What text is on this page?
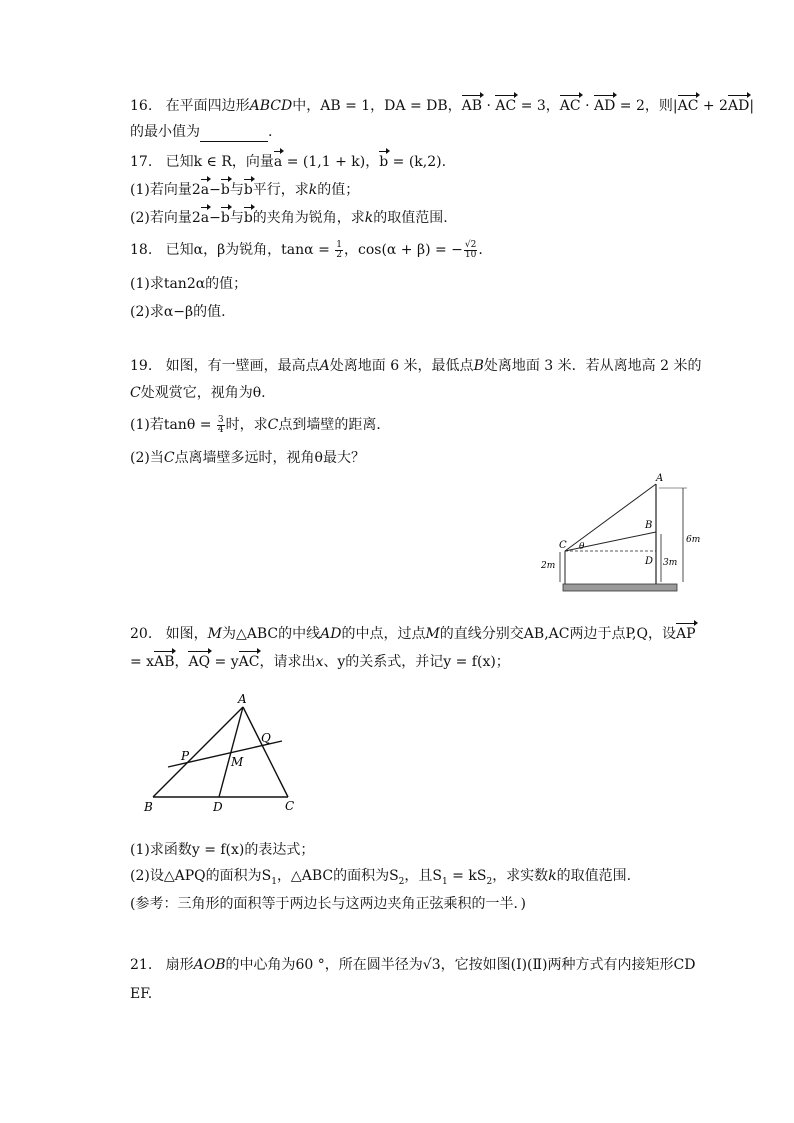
16. 在平面四边形ABCD中，AB = 1，DA = DB，AB · AC = 3，AC · AD = 2，则|AC + 2AD|
的最小值为	.
17. 已知k ∈ R，向量a = (1,1 + k)，b = (k,2).
(1)若向量2a−b与b平行，求k的值；
(2)若向量2a−b与b的夹角为锐角，求k的取值范围.
18. 已知α，β为锐角，$\tan\alpha = \frac{1}{2}$ ，cos(α + β) = − $\frac{√2}{10}$ .
(1)求tan2α的值；
(2)求α−β的值.
19. 如图，有一壁画，最高点A处离地面 6 米，最低点B处离地面 3 米．若从离地高 2 米的
C处观赏它，视角为θ.
(1)若$\tan\theta = \frac{3}{4}$ 时，求C点到墙壁的距离．
(2)当C点离墙壁多远时，视角θ最大？
A
B
C
D
θ
6m
3m
2m
20. 如图，M为△ABC的中线AD的中点，过点M的直线分别交AB,AC两边于点P,Q，设AP
= xAB，AQ = yAC，请求出x、y的关系式，并记y = f(x)；
A
B	C
D
M
P
Q
(1)求函数y = f(x)的表达式；
(2)设△APQ的面积为$S_1$，△ABC的面积为$S_2$，且$S_1 = kS_2$，求实数k的取值范围.
(参考：三角形的面积等于两边长与这两边夹角正弦乘积的一半．)
21. 扇形AOB的中心角为60 °，所在圆半径为√3，它按如图(Ⅰ)(Ⅱ)两种方式有内接矩形CD
EF.
